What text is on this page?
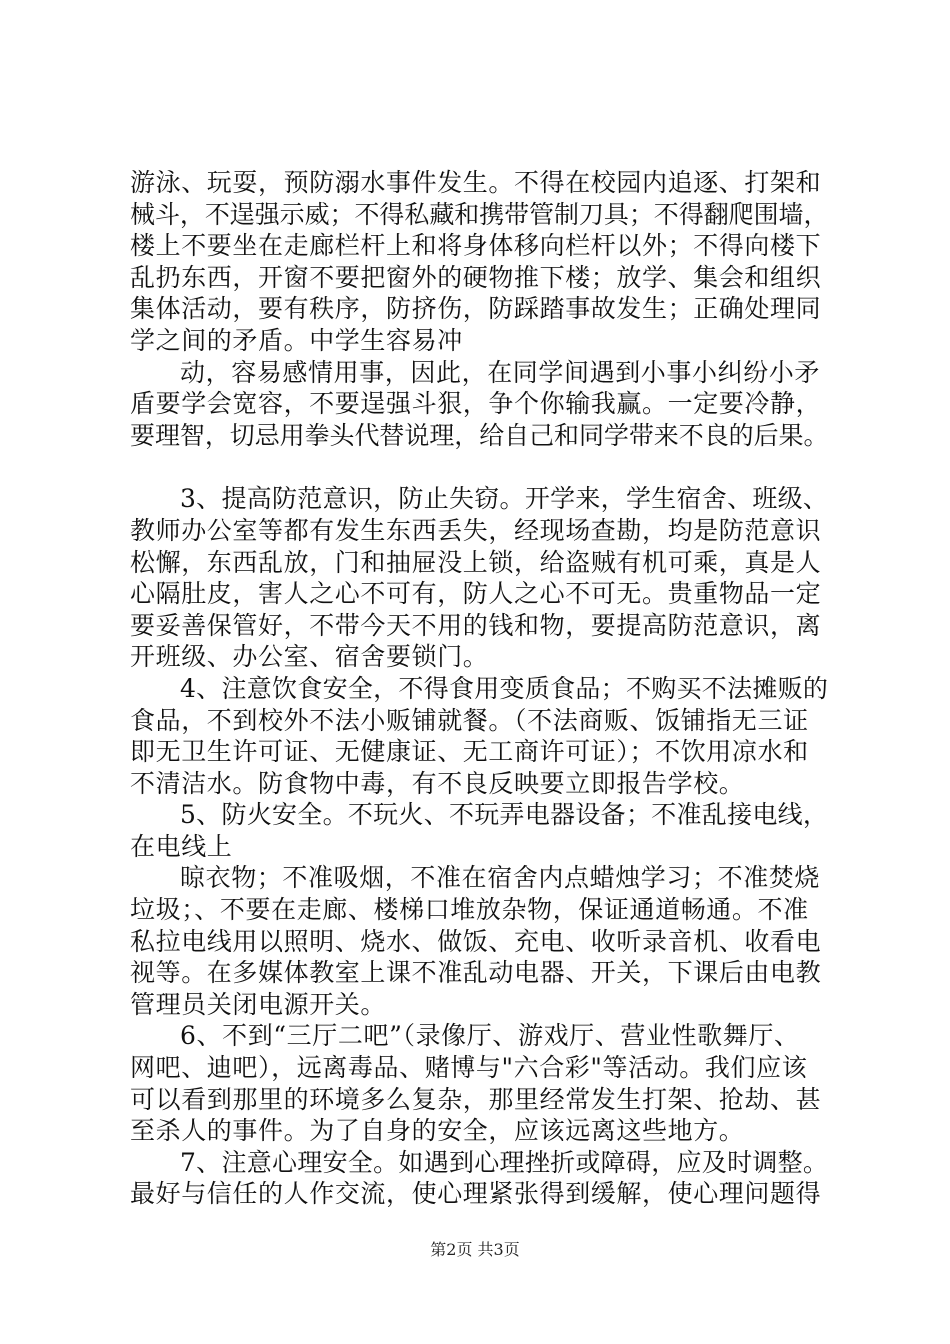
游泳、玩耍，预防溺水事件发生。不得在校园内追逐、打架和
械斗，不逞强示威；不得私藏和携带管制刀具；不得翻爬围墙，
楼上不要坐在走廊栏杆上和将身体移向栏杆以外；不得向楼下
乱扔东西，开窗不要把窗外的硬物推下楼；放学、集会和组织
集体活动，要有秩序，防挤伤，防踩踏事故发生；正确处理同
学之间的矛盾。中学生容易冲
动，容易感情用事，因此，在同学间遇到小事小纠纷小矛
盾要学会宽容，不要逞强斗狠，争个你输我赢。一定要冷静，
要理智，切忌用拳头代替说理，给自己和同学带来不良的后果。
3、提高防范意识，防止失窃。开学来，学生宿舍、班级、
教师办公室等都有发生东西丢失，经现场查勘，均是防范意识
松懈，东西乱放，门和抽屉没上锁，给盗贼有机可乘，真是人
心隔肚皮，害人之心不可有，防人之心不可无。贵重物品一定
要妥善保管好，不带今天不用的钱和物，要提高防范意识，离
开班级、办公室、宿舍要锁门。
4、注意饮食安全，不得食用变质食品；不购买不法摊贩的
食品，不到校外不法小贩铺就餐。（不法商贩、饭铺指无三证
即无卫生许可证、无健康证、无工商许可证）；不饮用凉水和
不清洁水。防食物中毒，有不良反映要立即报告学校。
5、防火安全。不玩火、不玩弄电器设备；不准乱接电线，
在电线上
晾衣物；不准吸烟，不准在宿舍内点蜡烛学习；不准焚烧
垃圾；、不要在走廊、楼梯口堆放杂物，保证通道畅通。不准
私拉电线用以照明、烧水、做饭、充电、收听录音机、收看电
视等。在多媒体教室上课不准乱动电器、开关，下课后由电教
管理员关闭电源开关。
6、不到“三厅二吧”（录像厅、游戏厅、营业性歌舞厅、
网吧、迪吧），远离毒品、赌博与"六合彩"等活动。我们应该
可以看到那里的环境多么复杂，那里经常发生打架、抢劫、甚
至杀人的事件。为了自身的安全，应该远离这些地方。
7、注意心理安全。如遇到心理挫折或障碍，应及时调整。
最好与信任的人作交流，使心理紧张得到缓解，使心理问题得
第2页 共3页
